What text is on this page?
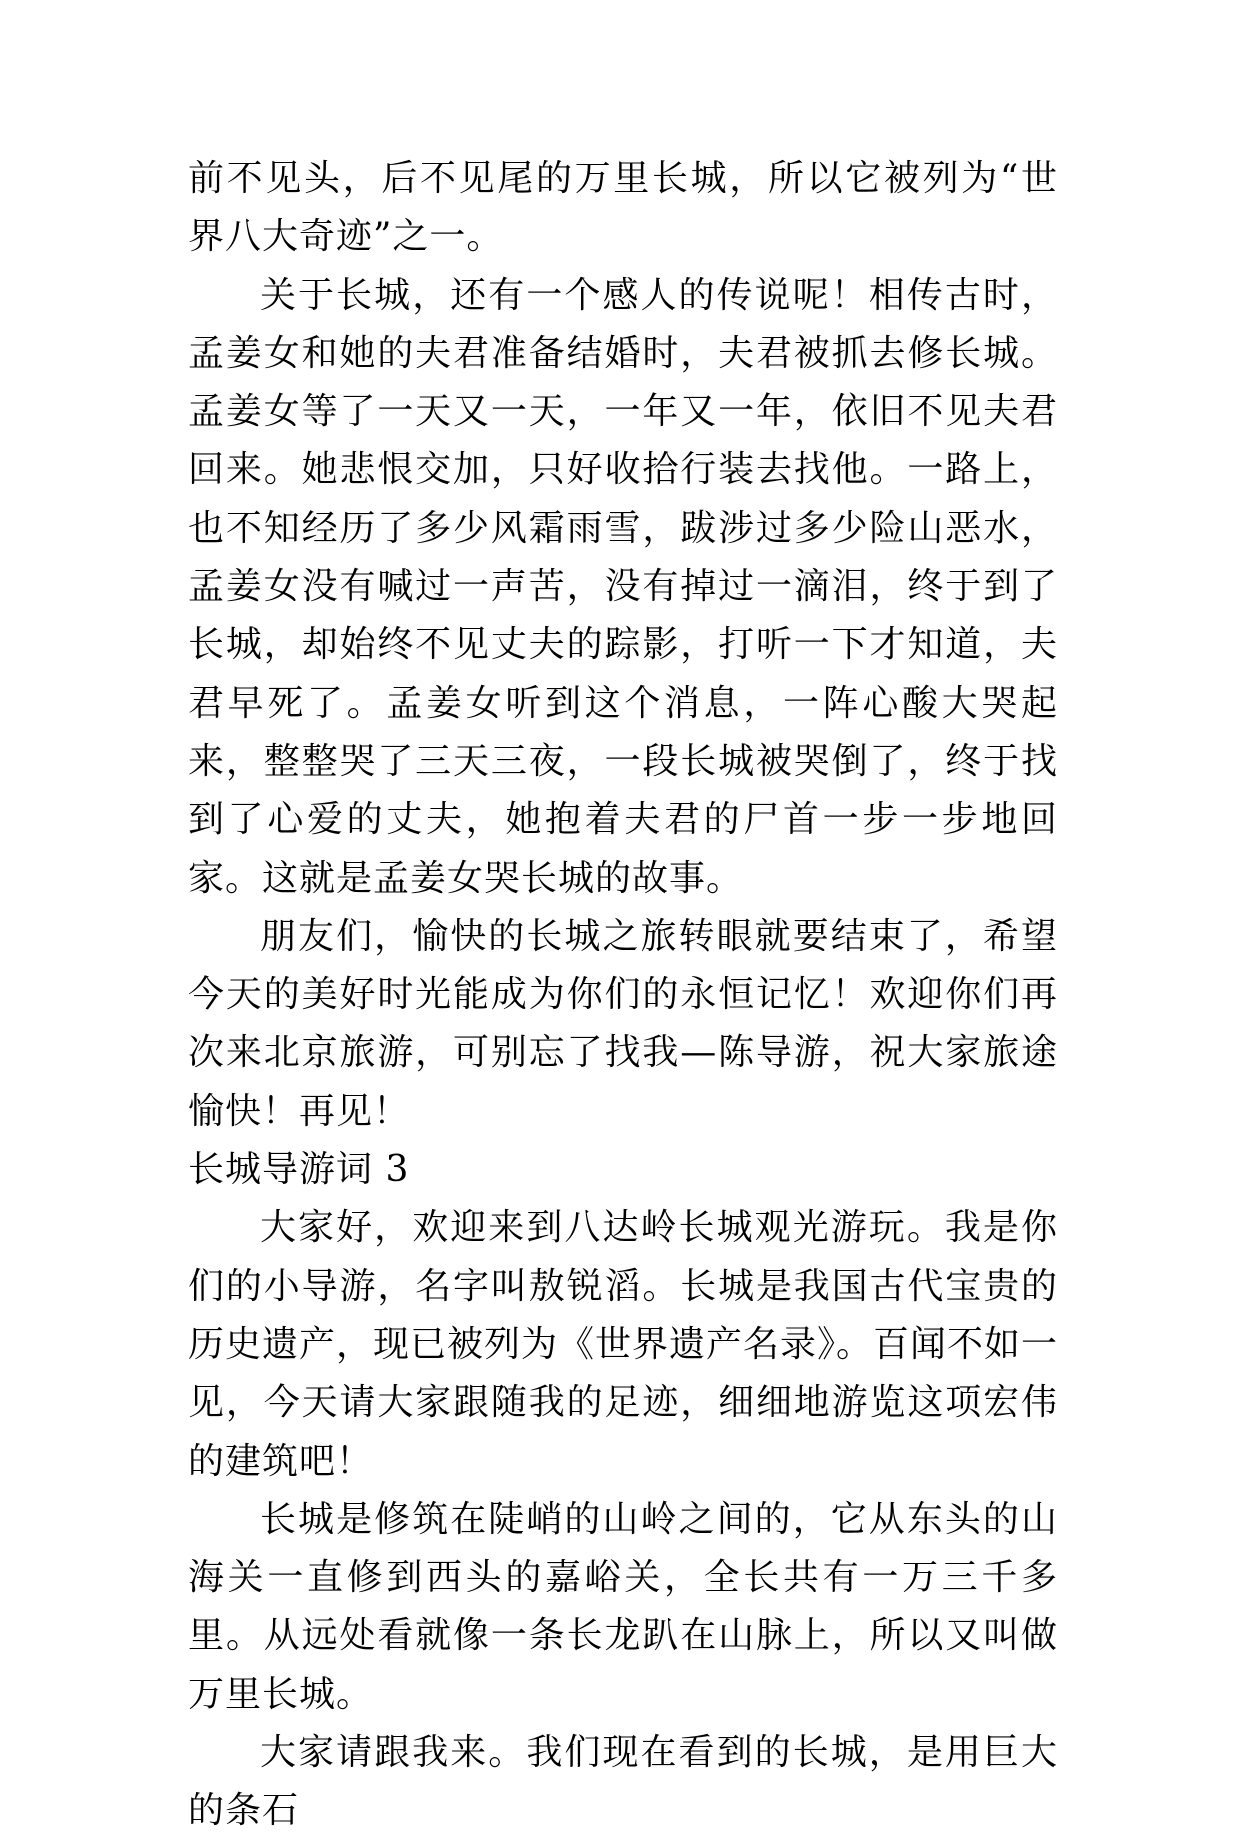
前不见头，后不见尾的万里长城，所以它被列为“世界八大奇迹”之一。

关于长城，还有一个感人的传说呢！相传古时，孟姜女和她的夫君准备结婚时，夫君被抓去修长城。孟姜女等了一天又一天，一年又一年，依旧不见夫君回来。她悲恨交加，只好收拾行装去找他。一路上，也不知经历了多少风霜雨雪，跋涉过多少险山恶水，孟姜女没有喊过一声苦，没有掉过一滴泪，终于到了长城，却始终不见丈夫的踪影，打听一下才知道，夫君早死了。孟姜女听到这个消息，一阵心酸大哭起来，整整哭了三天三夜，一段长城被哭倒了，终于找到了心爱的丈夫，她抱着夫君的尸首一步一步地回家。这就是孟姜女哭长城的故事。

朋友们，愉快的长城之旅转眼就要结束了，希望今天的美好时光能成为你们的永恒记忆！欢迎你们再次来北京旅游，可别忘了找我—陈导游，祝大家旅途愉快！再见！

长城导游词 3

大家好，欢迎来到八达岭长城观光游玩。我是你们的小导游，名字叫敖锐滔。长城是我国古代宝贵的历史遗产，现已被列为《世界遗产名录》。百闻不如一见，今天请大家跟随我的足迹，细细地游览这项宏伟的建筑吧！

长城是修筑在陡峭的山岭之间的，它从东头的山海关一直修到西头的嘉峪关，全长共有一万三千多里。从远处看就像一条长龙趴在山脉上，所以又叫做万里长城。

大家请跟我来。我们现在看到的长城，是用巨大的条石
